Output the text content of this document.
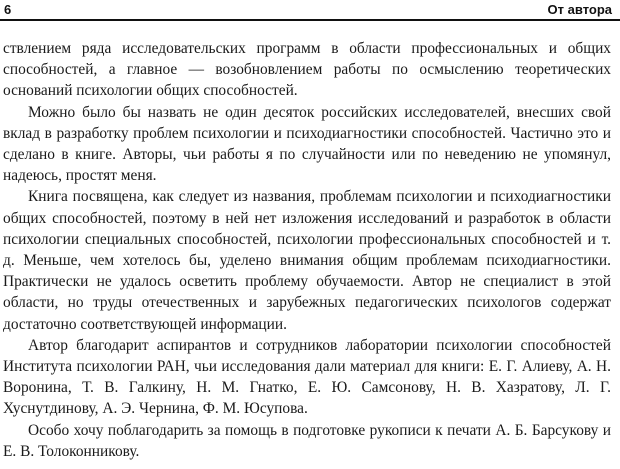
6	От автора

ствлением ряда исследовательских программ в области профессиональных и общих способностей, а главное — возобновлением работы по осмыслению теоретических оснований психологии общих способностей.

Можно было бы назвать не один десяток российских исследователей, внесших свой вклад в разработку проблем психологии и психодиагностики способностей. Частично это и сделано в книге. Авторы, чьи работы я по случайности или по неведению не упомянул, надеюсь, простят меня.

Книга посвящена, как следует из названия, проблемам психологии и психодиагностики общих способностей, поэтому в ней нет изложения исследований и разработок в области психологии специальных способностей, психологии профессиональных способностей и т. д. Меньше, чем хотелось бы, уделено внимания общим проблемам психодиагностики. Практически не удалось осветить проблему обучаемости. Автор не специалист в этой области, но труды отечественных и зарубежных педагогических психологов содержат достаточно соответствующей информации.

Автор благодарит аспирантов и сотрудников лаборатории психологии способностей Института психологии РАН, чьи исследования дали материал для книги: Е. Г. Алиеву, А. Н. Воронина, Т. В. Галкину, Н. М. Гнатко, Е. Ю. Самсонову, Н. В. Хазратову, Л. Г. Хуснутдинову, А. Э. Чернина, Ф. М. Юсупова.

Особо хочу поблагодарить за помощь в подготовке рукописи к печати А. Б. Барсукову и Е. В. Толоконникову.
